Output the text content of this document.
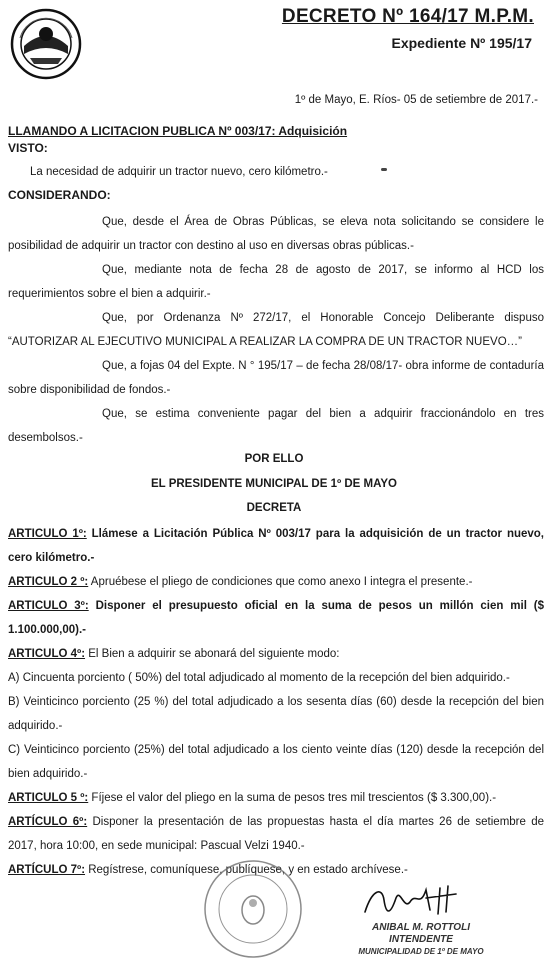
DECRETO Nº 164/17 M.P.M.
Expediente Nº 195/17
1º de Mayo, E. Ríos- 05 de setiembre de 2017.-
LLAMANDO A LICITACION PUBLICA Nº 003/17: Adquisición
VISTO:
La necesidad de adquirir un tractor nuevo, cero kilómetro.-
CONSIDERANDO:
Que, desde el Área de Obras Públicas, se eleva nota solicitando se considere le posibilidad de adquirir un tractor con destino al uso en diversas obras públicas.-
Que, mediante nota de fecha 28 de agosto de 2017, se informo al HCD los requerimientos sobre el bien a adquirir.-
Que, por Ordenanza Nº 272/17, el Honorable Concejo Deliberante dispuso “AUTORIZAR AL EJECUTIVO MUNICIPAL A REALIZAR LA COMPRA DE UN TRACTOR NUEVO…”
Que, a fojas 04 del Expte. N ° 195/17 – de fecha 28/08/17- obra informe de contaduría sobre disponibilidad de fondos.-
Que, se estima conveniente pagar del bien a adquirir fraccionándolo en tres desembolsos.-
POR ELLO
EL PRESIDENTE MUNICIPAL DE 1º DE MAYO
DECRETA
ARTICULO 1º: Llámese a Licitación Pública Nº 003/17 para la adquisición de un tractor nuevo, cero kilómetro.-
ARTICULO 2 º: Apruébese el pliego de condiciones que como anexo I integra el presente.-
ARTICULO 3º: Disponer el presupuesto oficial en la suma de pesos un millón cien mil ($ 1.100.000,00).-
ARTICULO 4º: El Bien a adquirir se abonará del siguiente modo:
A) Cincuenta porciento ( 50%) del total adjudicado al momento de la recepción del bien adquirido.-
B) Veinticinco porciento (25 %) del total adjudicado a los sesenta días (60) desde la recepción del bien adquirido.-
C) Veinticinco porciento (25%) del total adjudicado a los ciento veinte días (120) desde la recepción del bien adquirido.-
ARTICULO 5 º: Fíjese el valor del pliego en la suma de pesos tres mil trescientos ($ 3.300,00).-
ARTÍCULO 6º: Disponer la presentación de las propuestas hasta el día martes 26 de setiembre de 2017, hora 10:00, en sede municipal: Pascual Velzi 1940.-
ARTÍCULO 7º: Regístrese, comuníquese, publíquese, y en estado archívese.-
ANIBAL M. ROTTOLI
INTENDENTE
MUNICIPALIDAD DE 1º DE MAYO
